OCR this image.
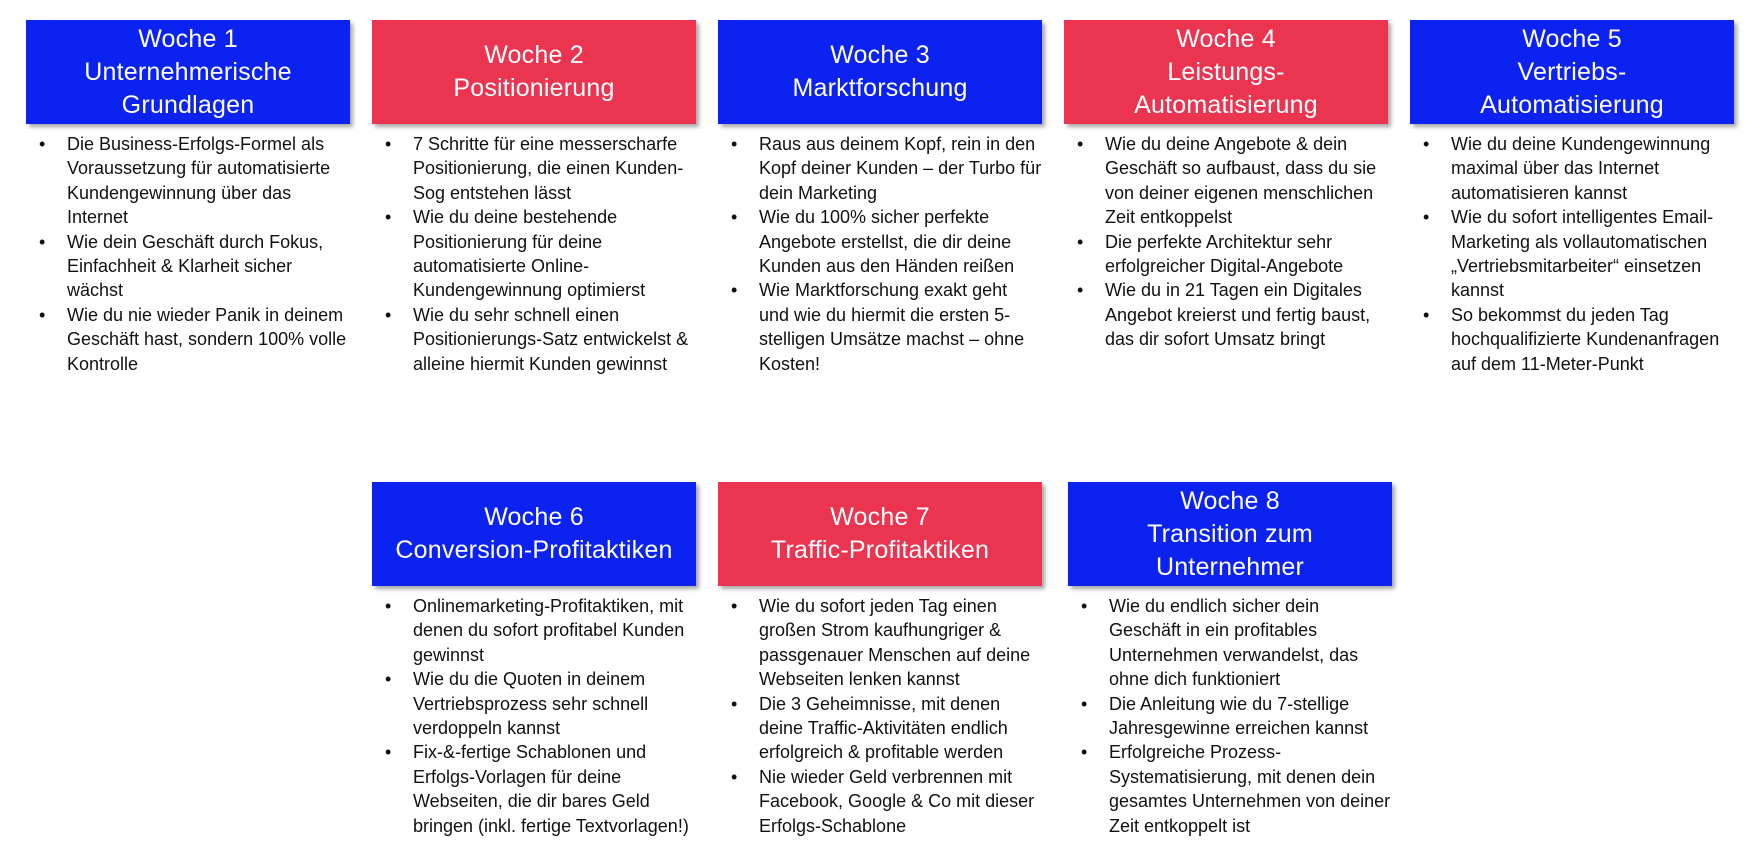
Woche 1
Unternehmerische
Grundlagen
• Die Business-Erfolgs-Formel als Voraussetzung für automatisierte Kundengewinnung über das Internet
• Wie dein Geschäft durch Fokus, Einfachheit & Klarheit sicher wächst
• Wie du nie wieder Panik in deinem Geschäft hast, sondern 100% volle Kontrolle
Woche 2
Positionierung
• 7 Schritte für eine messerscharfe Positionierung, die einen Kunden-Sog entstehen lässt
• Wie du deine bestehende Positionierung für deine automatisierte Online-Kundengewinnung optimierst
• Wie du sehr schnell einen Positionierungs-Satz entwickelst & alleine hiermit Kunden gewinnst
Woche 3
Marktforschung
• Raus aus deinem Kopf, rein in den Kopf deiner Kunden – der Turbo für dein Marketing
• Wie du 100% sicher perfekte Angebote erstellst, die dir deine Kunden aus den Händen reißen
• Wie Marktforschung exakt geht und wie du hiermit die ersten 5-stelligen Umsätze machst – ohne Kosten!
Woche 4
Leistungs-
Automatisierung
• Wie du deine Angebote & dein Geschäft so aufbaust, dass du sie von deiner eigenen menschlichen Zeit entkoppelst
• Die perfekte Architektur sehr erfolgreicher Digital-Angebote
• Wie du in 21 Tagen ein Digitales Angebot kreierst und fertig baust, das dir sofort Umsatz bringt
Woche 5
Vertriebs-
Automatisierung
• Wie du deine Kundengewinnung maximal über das Internet automatisieren kannst
• Wie du sofort intelligentes Email-Marketing als vollautomatischen „Vertriebsmitarbeiter“ einsetzen kannst
• So bekommst du jeden Tag hochqualifizierte Kundenanfragen auf dem 11-Meter-Punkt
Woche 6
Conversion-Profitaktiken
• Onlinemarketing-Profitaktiken, mit denen du sofort profitabel Kunden gewinnst
• Wie du die Quoten in deinem Vertriebsprozess sehr schnell verdoppeln kannst
• Fix-&-fertige Schablonen und Erfolgs-Vorlagen für deine Webseiten, die dir bares Geld bringen (inkl. fertige Textvorlagen!)
Woche 7
Traffic-Profitaktiken
• Wie du sofort jeden Tag einen großen Strom kaufhungriger & passgenauer Menschen auf deine Webseiten lenken kannst
• Die 3 Geheimnisse, mit denen deine Traffic-Aktivitäten endlich erfolgreich & profitable werden
• Nie wieder Geld verbrennen mit Facebook, Google & Co mit dieser Erfolgs-Schablone
Woche 8
Transition zum
Unternehmer
• Wie du endlich sicher dein Geschäft in ein profitables Unternehmen verwandelst, das ohne dich funktioniert
• Die Anleitung wie du 7-stellige Jahresgewinne erreichen kannst
• Erfolgreiche Prozess-Systematisierung, mit denen dein gesamtes Unternehmen von deiner Zeit entkoppelt ist
